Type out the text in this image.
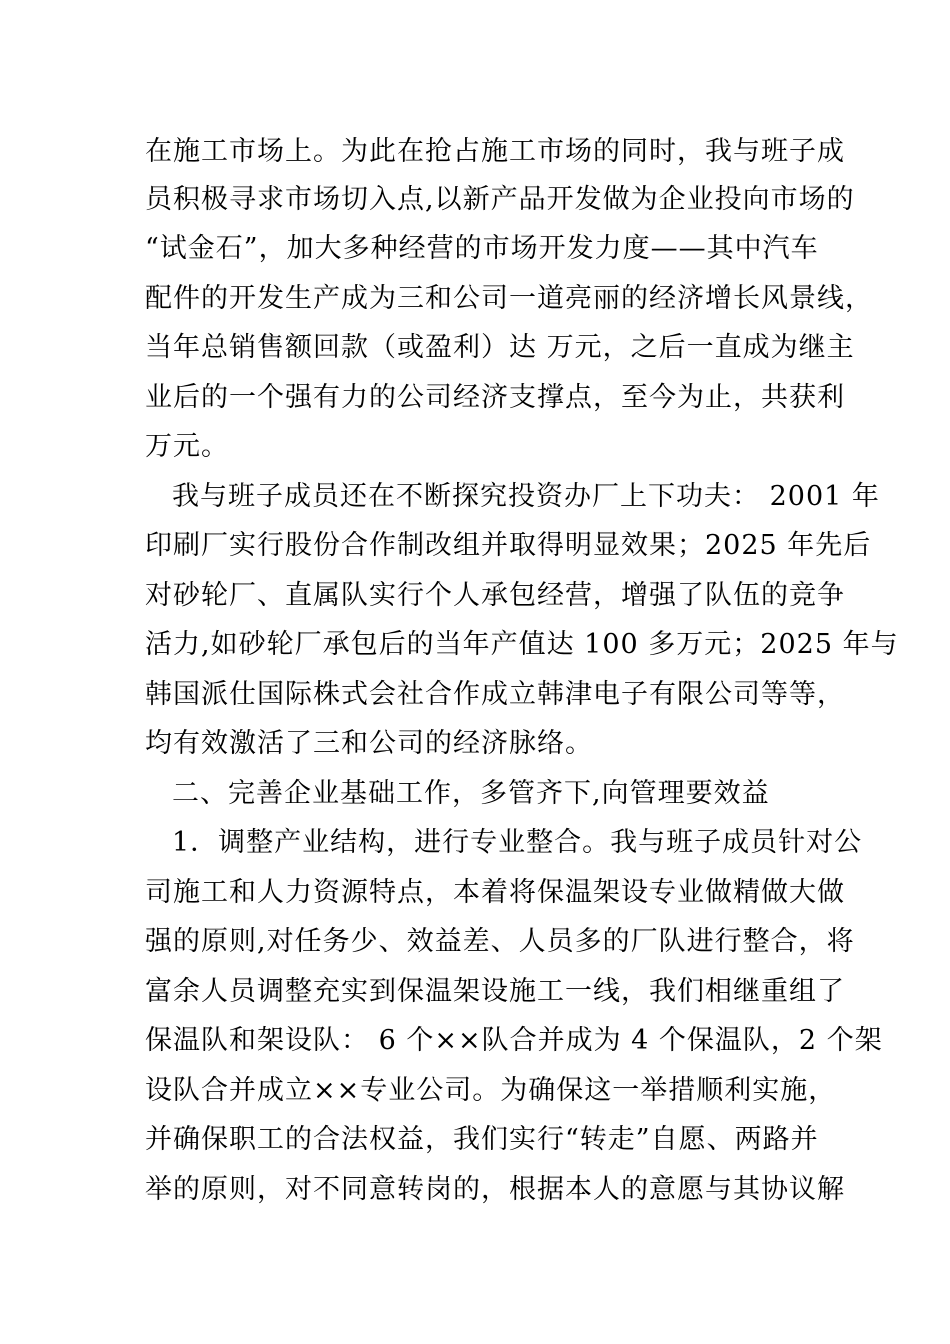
在施工市场上。为此在抢占施工市场的同时，我与班子成
员积极寻求市场切入点,以新产品开发做为企业投向市场的
“试金石”，加大多种经营的市场开发力度——其中汽车
配件的开发生产成为三和公司一道亮丽的经济增长风景线，
当年总销售额回款（或盈利）达 万元，之后一直成为继主
业后的一个强有力的公司经济支撑点，至今为止，共获利
万元。
我与班子成员还在不断探究投资办厂上下功夫： 2001 年
印刷厂实行股份合作制改组并取得明显效果；2025 年先后
对砂轮厂、直属队实行个人承包经营，增强了队伍的竞争
活力,如砂轮厂承包后的当年产值达 100 多万元；2025 年与
韩国派仕国际株式会社合作成立韩津电子有限公司等等，
均有效激活了三和公司的经济脉络。
二、完善企业基础工作，多管齐下,向管理要效益
1．调整产业结构，进行专业整合。我与班子成员针对公
司施工和人力资源特点，本着将保温架设专业做精做大做
强的原则,对任务少、效益差、人员多的厂队进行整合，将
富余人员调整充实到保温架设施工一线，我们相继重组了
保温队和架设队： 6 个××队合并成为 4 个保温队，2 个架
设队合并成立××专业公司。为确保这一举措顺利实施，
并确保职工的合法权益，我们实行“转走”自愿、两路并
举的原则，对不同意转岗的，根据本人的意愿与其协议解
